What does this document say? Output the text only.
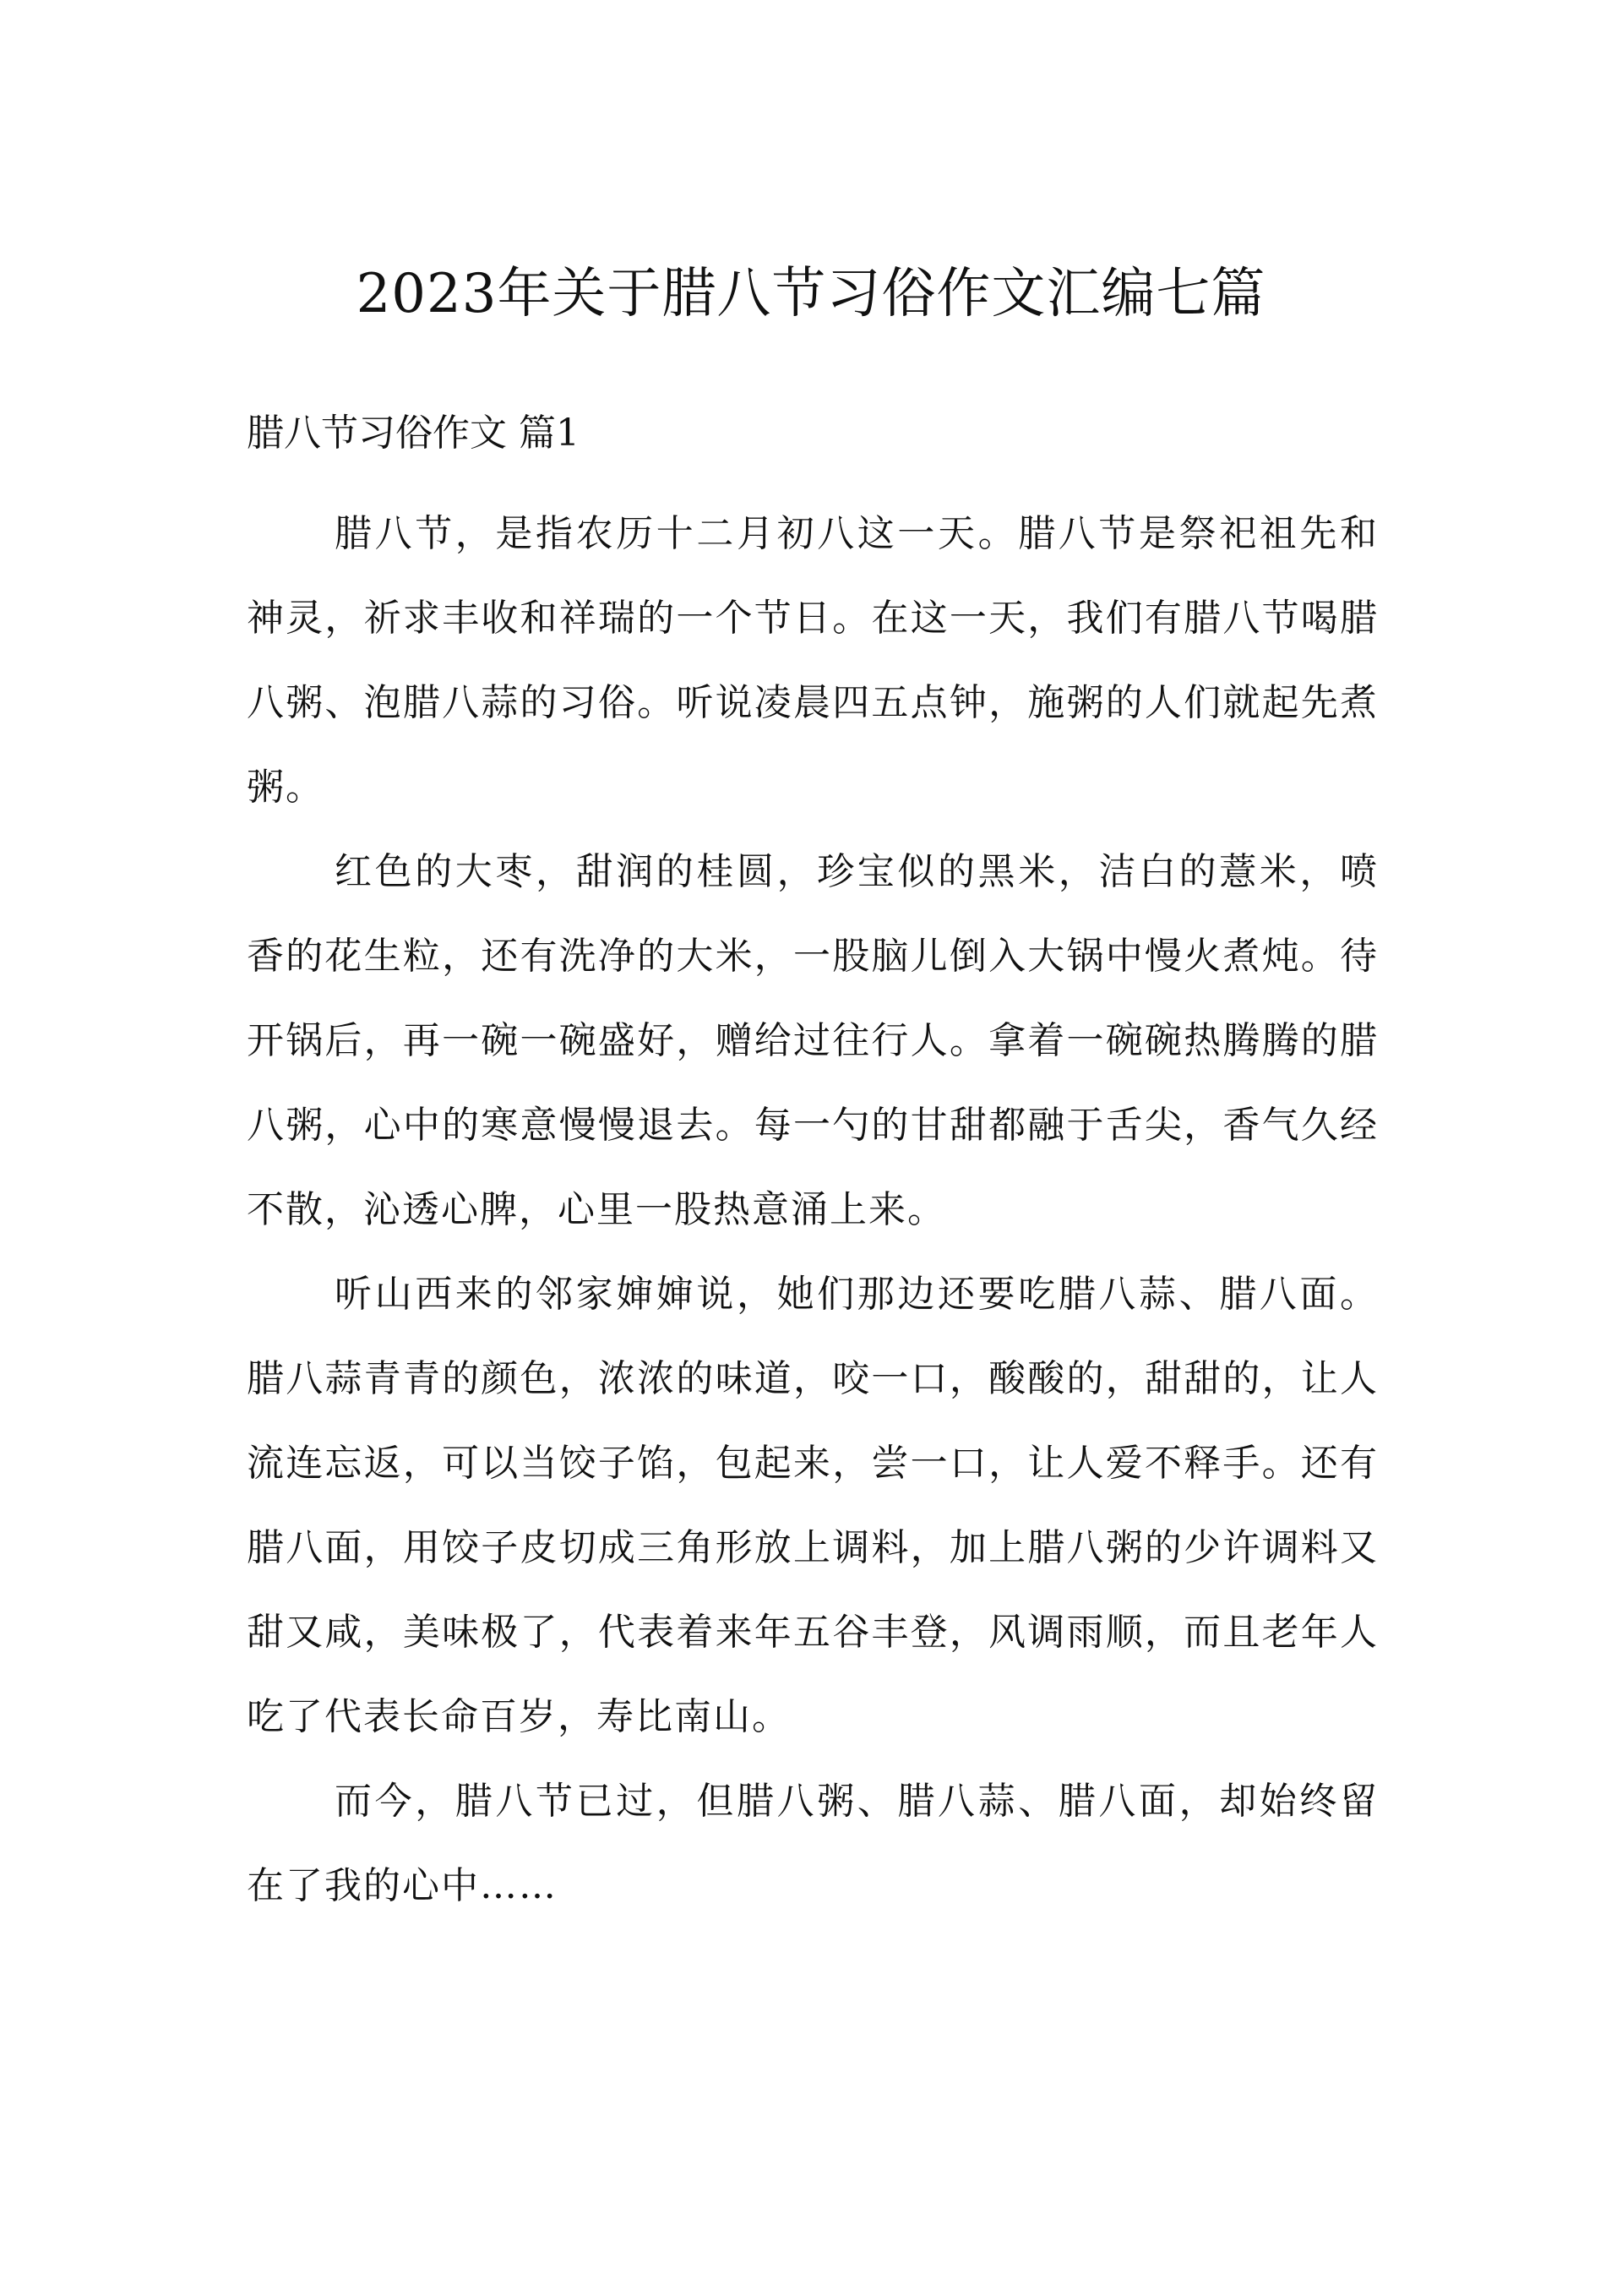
2023年关于腊八节习俗作文汇编七篇
腊八节习俗作文 篇1

腊八节，是指农历十二月初八这一天。腊八节是祭祀祖先和神灵，祈求丰收和祥瑞的一个节日。在这一天，我们有腊八节喝腊八粥、泡腊八蒜的习俗。听说凌晨四五点钟，施粥的人们就起先煮粥。

红色的大枣，甜润的桂圆，珍宝似的黑米，洁白的薏米，喷香的花生粒，还有洗净的大米，一股脑儿倒入大锅中慢火煮炖。待开锅后，再一碗一碗盛好，赠给过往行人。拿着一碗碗热腾腾的腊八粥，心中的寒意慢慢退去。每一勺的甘甜都融于舌尖，香气久经不散，沁透心脾，心里一股热意涌上来。

听山西来的邻家婶婶说，她们那边还要吃腊八蒜、腊八面。腊八蒜青青的颜色，浓浓的味道，咬一口，酸酸的，甜甜的，让人流连忘返，可以当饺子馅，包起来，尝一口，让人爱不释手。还有腊八面，用饺子皮切成三角形放上调料，加上腊八粥的少许调料又甜又咸，美味极了，代表着来年五谷丰登，风调雨顺，而且老年人吃了代表长命百岁，寿比南山。

而今，腊八节已过，但腊八粥、腊八蒜、腊八面，却始终留在了我的心中……
